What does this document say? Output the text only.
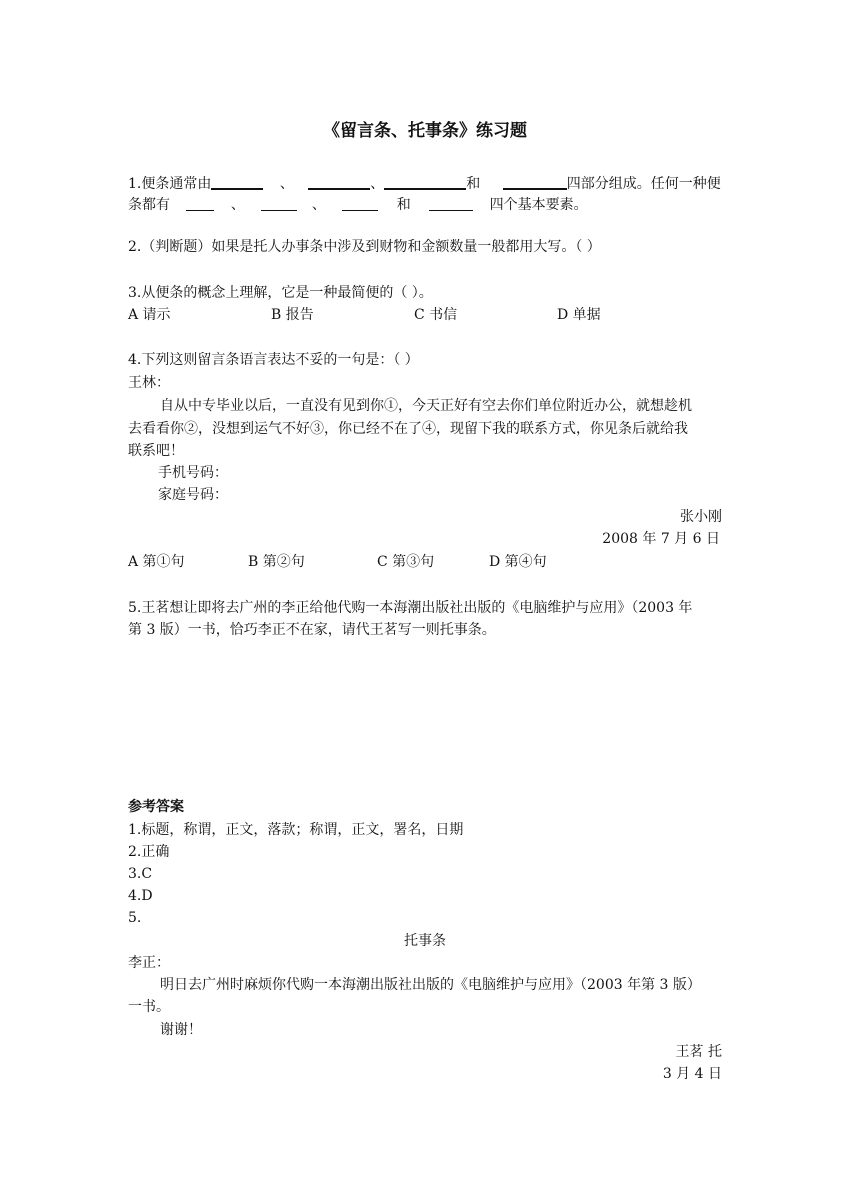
《留言条、托事条》练习题
1.便条通常由	、	、	和	四部分组成。任何一种便
条都有	、	、	和	四个基本要素。
2.（判断题）如果是托人办事条中涉及到财物和金额数量一般都用大写。（ ）
3.从便条的概念上理解，它是一种最简便的（ ）。
A 请示	B 报告	C 书信	D 单据
4.下列这则留言条语言表达不妥的一句是：（ ）
王林：
自从中专毕业以后，一直没有见到你①，今天正好有空去你们单位附近办公，就想趁机
去看看你②，没想到运气不好③，你已经不在了④，现留下我的联系方式，你见条后就给我
联系吧！
手机号码：
家庭号码：
张小刚
2008 年 7 月 6 日
A 第①句	B 第②句	C 第③句	D 第④句
5.王茗想让即将去广州的李正给他代购一本海潮出版社出版的《电脑维护与应用》（2003 年
第 3 版）一书，恰巧李正不在家，请代王茗写一则托事条。
参考答案
1.标题，称谓，正文，落款；称谓，正文，署名，日期
2.正确
3.C
4.D
5.
托事条
李正：
明日去广州时麻烦你代购一本海潮出版社出版的《电脑维护与应用》（2003 年第 3 版）
一书。
谢谢！
王茗 托
3 月 4 日
